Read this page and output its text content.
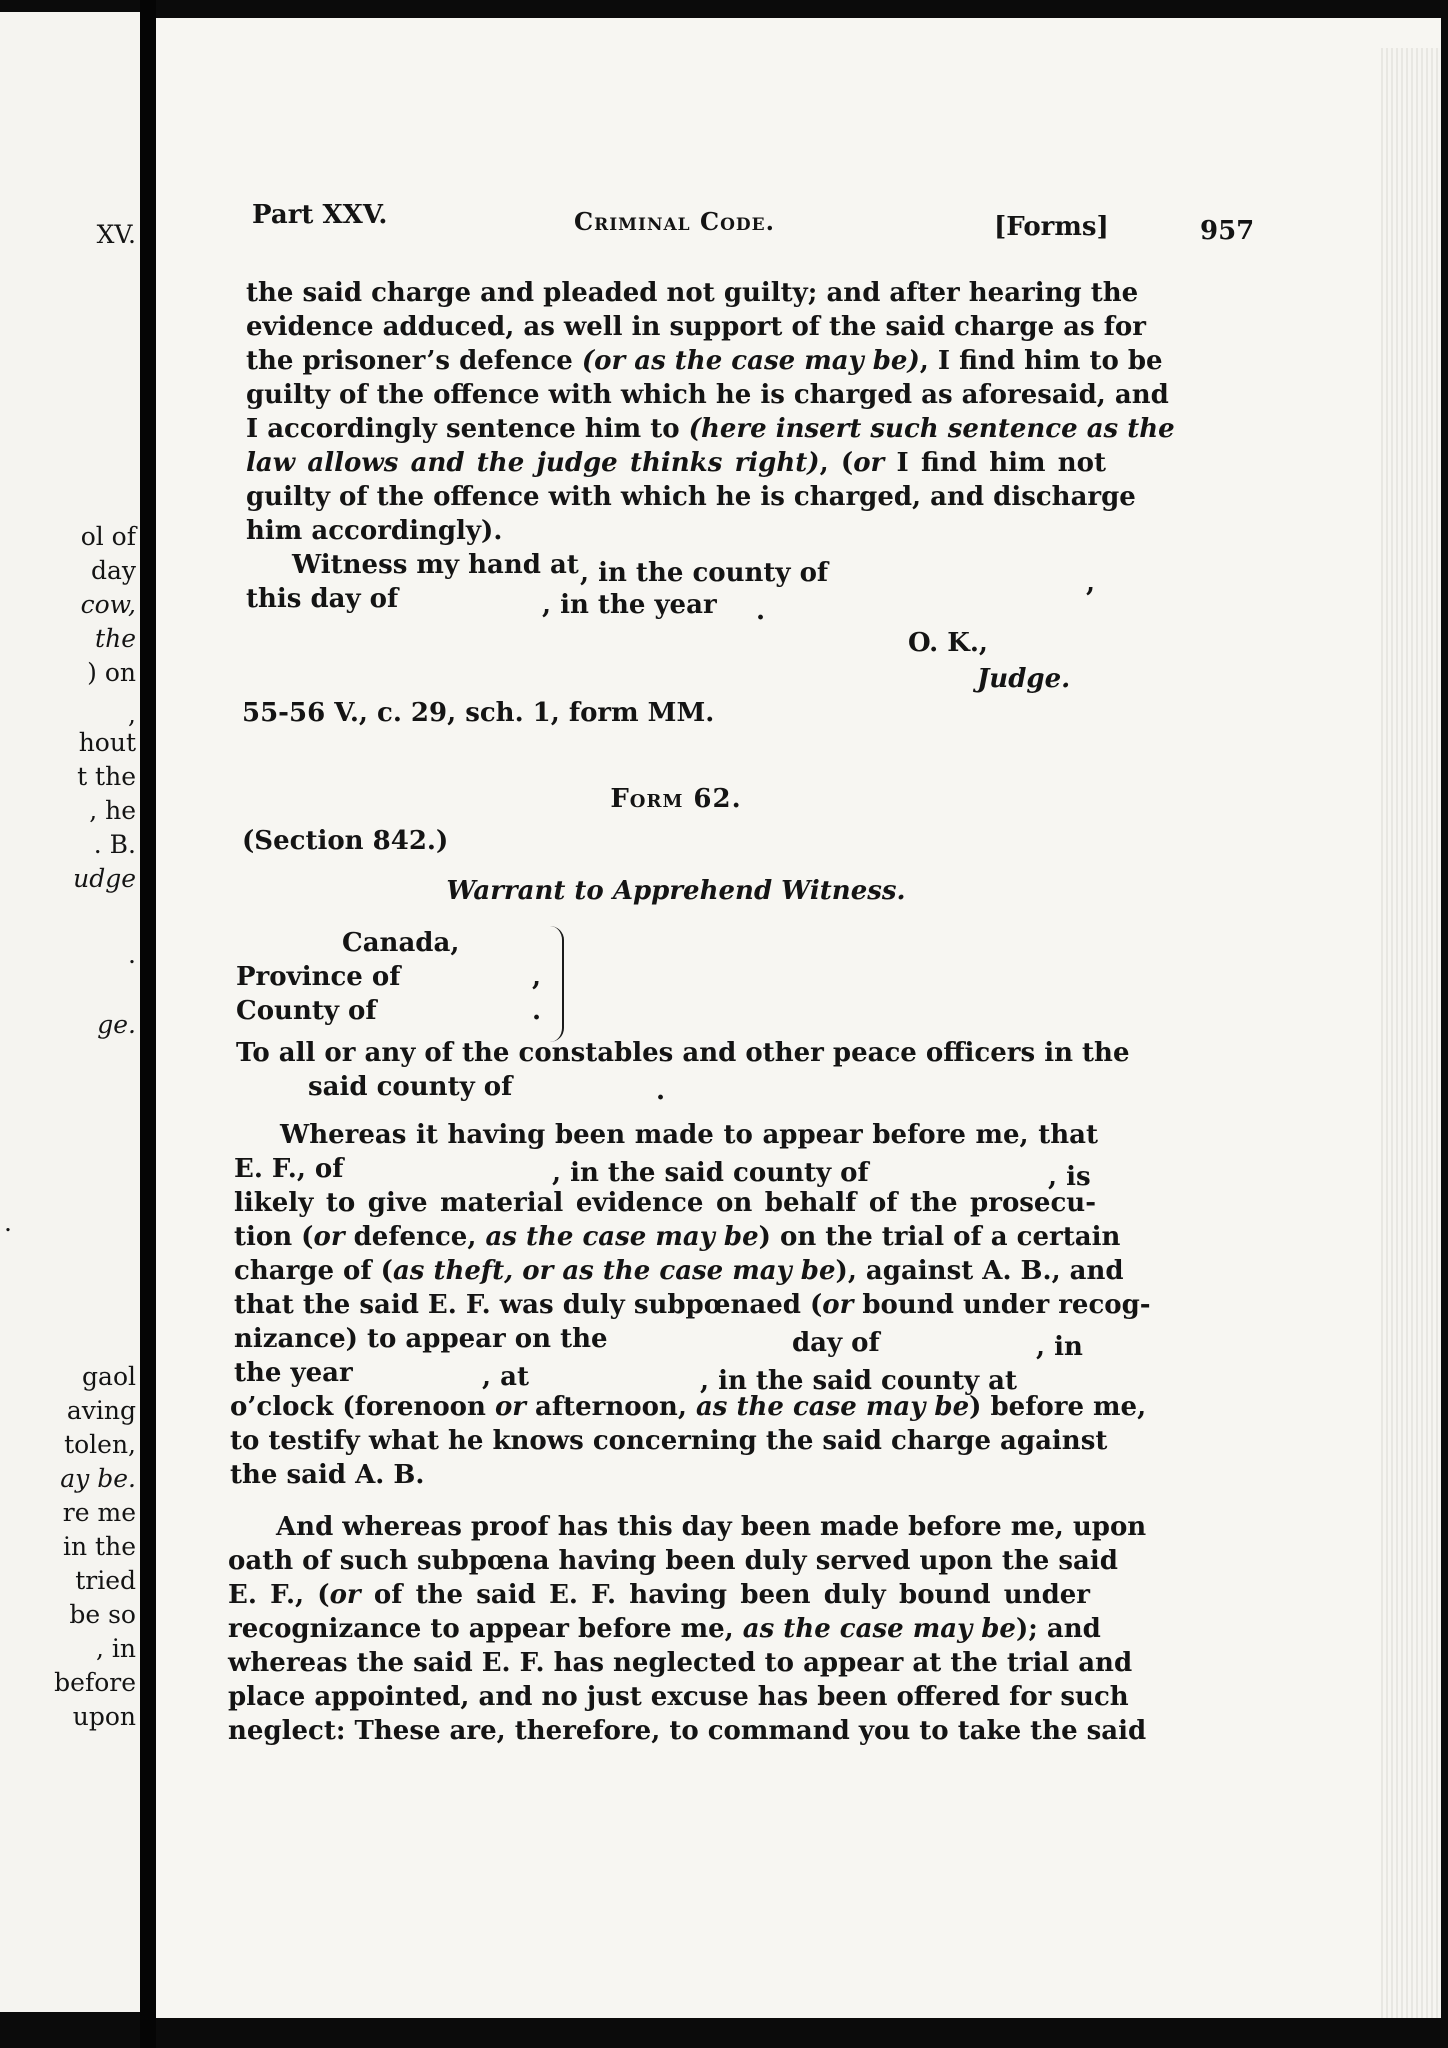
XV.
ol of
day
cow,
the
) on
,
hout
t the
, he
. B.
udge
.
ge.
.
gaol
aving
tolen,
ay be.
re me
in the
tried
be so
, in
before
upon
Part XXV.	Criminal Code.	[Forms]	957
the said charge and pleaded not guilty; and after hearing the
evidence adduced, as well in support of the said charge as for
the prisoner’s defence (or as the case may be), I find him to be
guilty of the offence with which he is charged as aforesaid, and
I accordingly sentence him to (here insert such sentence as the
law allows and the judge thinks right), (or I find him not
guilty of the offence with which he is charged, and discharge
him accordingly).
Witness my hand at , in the county of	,
this day of	, in the year .
O. K.,
Judge.
55-56 V., c. 29, sch. 1, form MM.
Form 62.
(Section 842.)
Warrant to Apprehend Witness.
Canada,
Province of
County of
,
.
To all or any of the constables and other peace officers in the
said county of	.
Whereas it having been made to appear before me, that
E. F., of	, in the said county of	, is
likely to give material evidence on behalf of the prosecu-
tion (or defence, as the case may be) on the trial of a certain
charge of (as theft, or as the case may be), against A. B., and
that the said E. F. was duly subpœnaed (or bound under recog-
nizance) to appear on the	day of	, in
the year	, at	, in the said county at
o’clock (forenoon or afternoon, as the case may be) before me,
to testify what he knows concerning the said charge against
the said A. B.
And whereas proof has this day been made before me, upon
oath of such subpœna having been duly served upon the said
E. F., (or of the said E. F. having been duly bound under
recognizance to appear before me, as the case may be); and
whereas the said E. F. has neglected to appear at the trial and
place appointed, and no just excuse has been offered for such
neglect: These are, therefore, to command you to take the said
